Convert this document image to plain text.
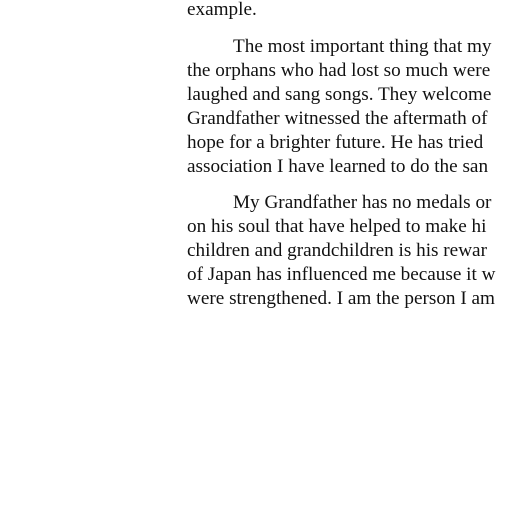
example.
The most important thing that my
the orphans who had lost so much were
laughed and sang songs. They welcome
Grandfather witnessed the aftermath of
hope for a brighter future. He has tried
association I have learned to do the san
My Grandfather has no medals or
on his soul that have helped to make hi
children and grandchildren is his rewar
of Japan has influenced me because it w
were strengthened. I am the person I am
